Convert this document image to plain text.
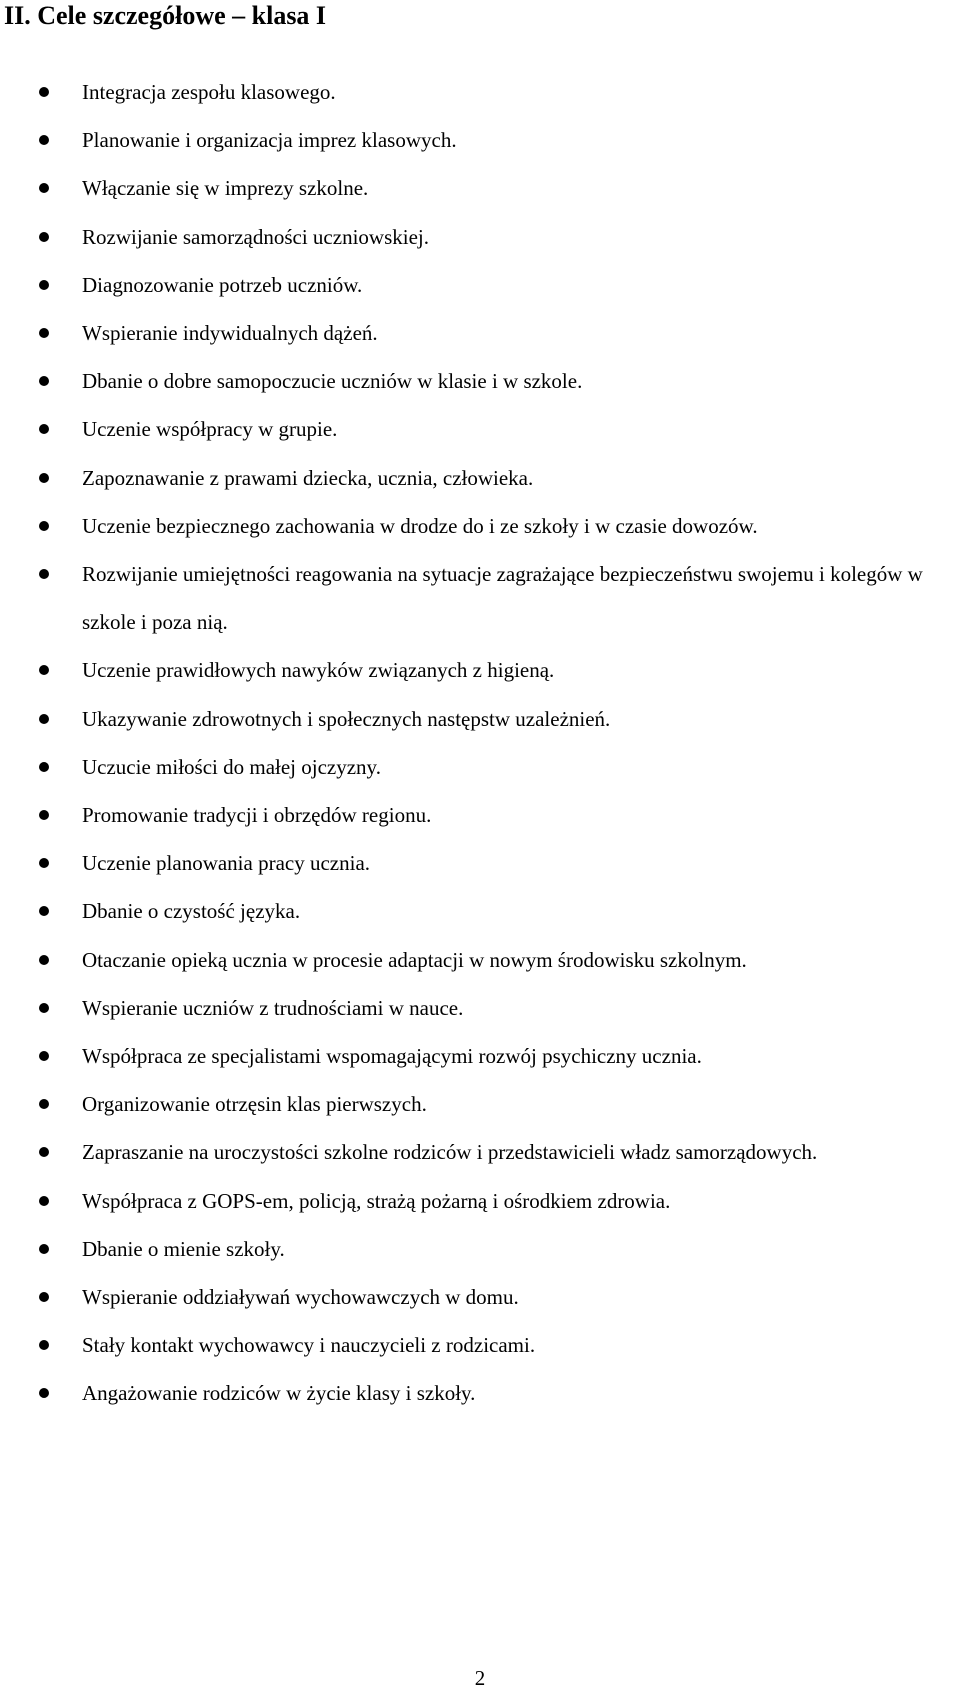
II. Cele szczegółowe – klasa I
Integracja zespołu klasowego.
Planowanie i organizacja imprez klasowych.
Włączanie się w imprezy szkolne.
Rozwijanie samorządności uczniowskiej.
Diagnozowanie potrzeb uczniów.
Wspieranie indywidualnych dążeń.
Dbanie o dobre samopoczucie uczniów w klasie i w szkole.
Uczenie współpracy w grupie.
Zapoznawanie z prawami dziecka, ucznia, człowieka.
Uczenie bezpiecznego zachowania w drodze do i ze szkoły i w czasie dowozów.
Rozwijanie umiejętności reagowania na sytuacje zagrażające bezpieczeństwu swojemu i kolegów w szkole i poza nią.
Uczenie prawidłowych nawyków związanych z higieną.
Ukazywanie zdrowotnych i społecznych następstw uzależnień.
Uczucie miłości do małej ojczyzny.
Promowanie tradycji i obrzędów regionu.
Uczenie planowania pracy ucznia.
Dbanie o czystość języka.
Otaczanie opieką ucznia w procesie adaptacji w nowym środowisku szkolnym.
Wspieranie uczniów z trudnościami w nauce.
Współpraca ze specjalistami wspomagającymi rozwój psychiczny ucznia.
Organizowanie otrzęsin klas pierwszych.
Zapraszanie na uroczystości szkolne rodziców i przedstawicieli władz samorządowych.
Współpraca z GOPS-em, policją, strażą pożarną i ośrodkiem zdrowia.
Dbanie o mienie szkoły.
Wspieranie oddziaływań wychowawczych w domu.
Stały kontakt wychowawcy i nauczycieli z rodzicami.
Angażowanie rodziców w życie klasy i szkoły.
2
